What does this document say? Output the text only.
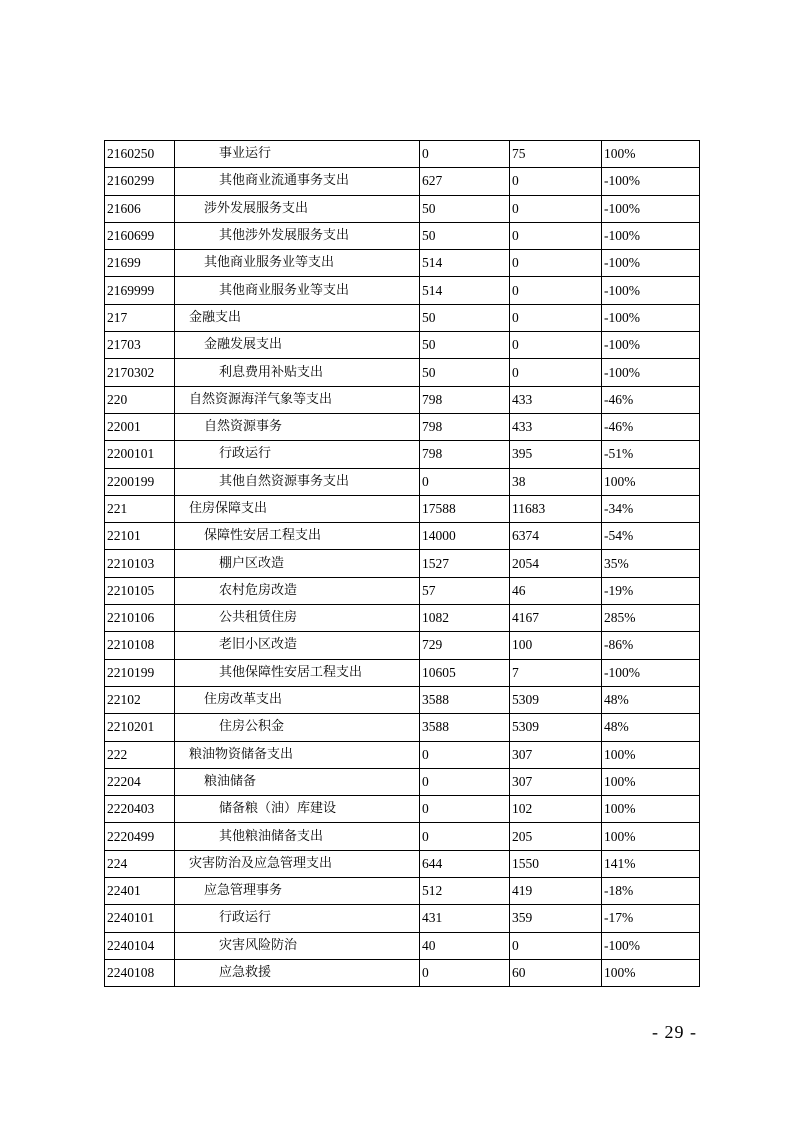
2160250	事业运行	0	75	100%
2160299	其他商业流通事务支出	627	0	-100%
21606	涉外发展服务支出	50	0	-100%
2160699	其他涉外发展服务支出	50	0	-100%
21699	其他商业服务业等支出	514	0	-100%
2169999	其他商业服务业等支出	514	0	-100%
217	金融支出	50	0	-100%
21703	金融发展支出	50	0	-100%
2170302	利息费用补贴支出	50	0	-100%
220	自然资源海洋气象等支出	798	433	-46%
22001	自然资源事务	798	433	-46%
2200101	行政运行	798	395	-51%
2200199	其他自然资源事务支出	0	38	100%
221	住房保障支出	17588	11683	-34%
22101	保障性安居工程支出	14000	6374	-54%
2210103	棚户区改造	1527	2054	35%
2210105	农村危房改造	57	46	-19%
2210106	公共租赁住房	1082	4167	285%
2210108	老旧小区改造	729	100	-86%
2210199	其他保障性安居工程支出	10605	7	-100%
22102	住房改革支出	3588	5309	48%
2210201	住房公积金	3588	5309	48%
222	粮油物资储备支出	0	307	100%
22204	粮油储备	0	307	100%
2220403	储备粮（油）库建设	0	102	100%
2220499	其他粮油储备支出	0	205	100%
224	灾害防治及应急管理支出	644	1550	141%
22401	应急管理事务	512	419	-18%
2240101	行政运行	431	359	-17%
2240104	灾害风险防治	40	0	-100%
2240108	应急救援	0	60	100%
- 29 -
